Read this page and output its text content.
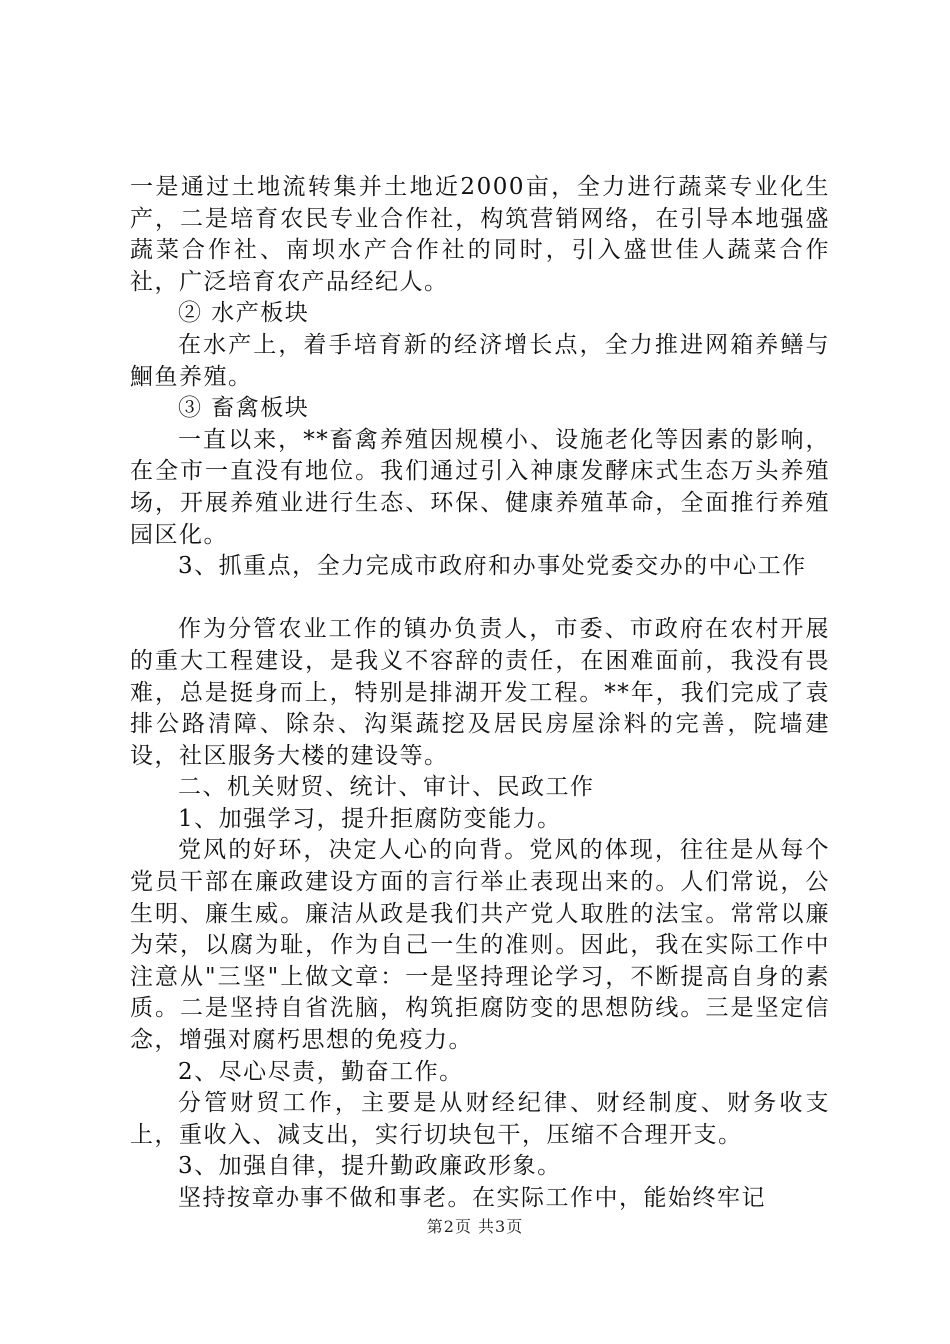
一是通过土地流转集并土地近2000亩，全力进行蔬菜专业化生产，二是培育农民专业合作社，构筑营销网络，在引导本地强盛蔬菜合作社、南坝水产合作社的同时，引入盛世佳人蔬菜合作社，广泛培育农产品经纪人。

② 水产板块

在水产上，着手培育新的经济增长点，全力推进网箱养鳝与鮰鱼养殖。

③ 畜禽板块

一直以来，**畜禽养殖因规模小、设施老化等因素的影响，在全市一直没有地位。我们通过引入神康发酵床式生态万头养殖场，开展养殖业进行生态、环保、健康养殖革命，全面推行养殖园区化。

3、抓重点，全力完成市政府和办事处党委交办的中心工作

作为分管农业工作的镇办负责人，市委、市政府在农村开展的重大工程建设，是我义不容辞的责任，在困难面前，我没有畏难，总是挺身而上，特别是排湖开发工程。**年，我们完成了袁排公路清障、除杂、沟渠蔬挖及居民房屋涂料的完善，院墙建设，社区服务大楼的建设等。

二、机关财贸、统计、审计、民政工作

1、加强学习，提升拒腐防变能力。

党风的好环，决定人心的向背。党风的体现，往往是从每个党员干部在廉政建设方面的言行举止表现出来的。人们常说，公生明、廉生威。廉洁从政是我们共产党人取胜的法宝。常常以廉为荣，以腐为耻，作为自己一生的准则。因此，我在实际工作中注意从"三坚"上做文章：一是坚持理论学习，不断提高自身的素质。二是坚持自省洗脑，构筑拒腐防变的思想防线。三是坚定信念，增强对腐朽思想的免疫力。

2、尽心尽责，勤奋工作。

分管财贸工作，主要是从财经纪律、财经制度、财务收支上，重收入、减支出，实行切块包干，压缩不合理开支。

3、加强自律，提升勤政廉政形象。

坚持按章办事不做和事老。在实际工作中，能始终牢记

第2页 共3页
